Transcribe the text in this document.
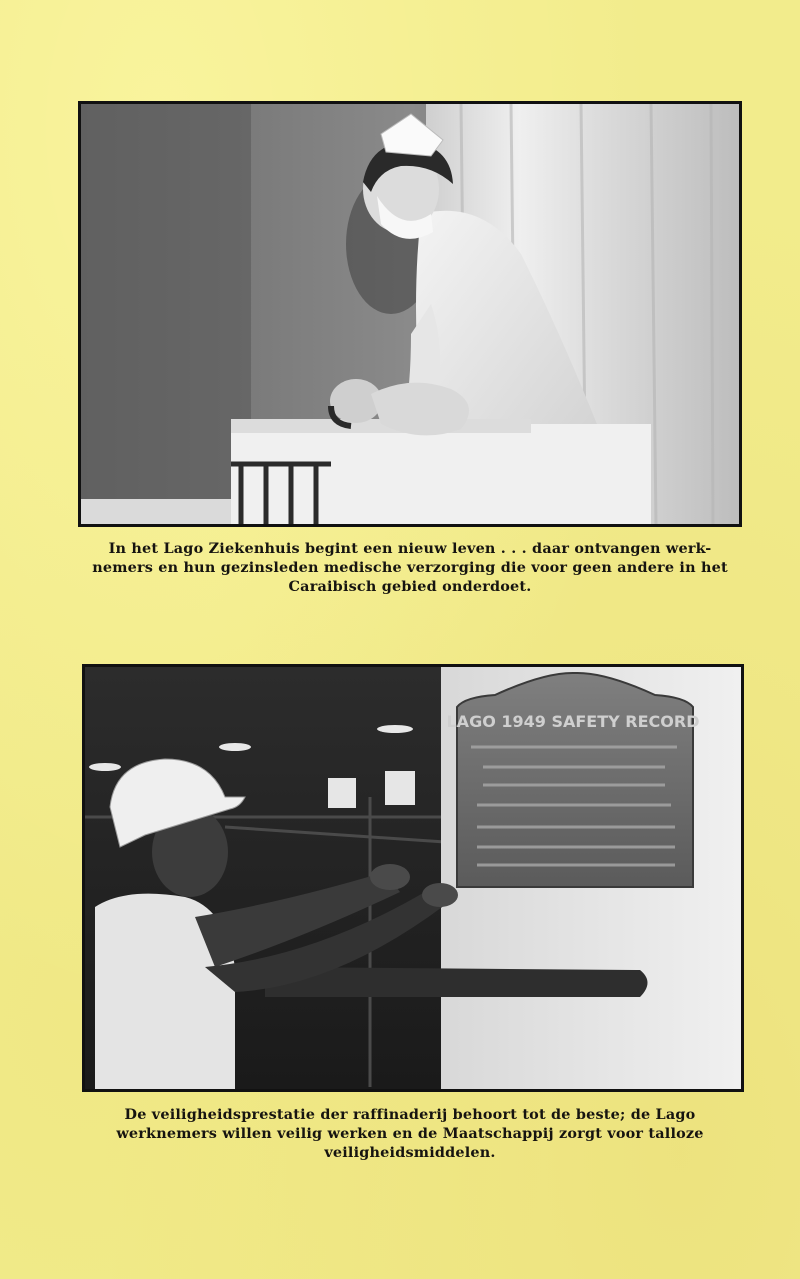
In het Lago Ziekenhuis begint een nieuw leven . . . daar ontvangen werk-
nemers en hun gezinsleden medische verzorging die voor geen andere in het
Caraibisch gebied onderdoet.

LAGO 1949 SAFETY RECORD

De veiligheidsprestatie der raffinaderij behoort tot de beste; de Lago
werknemers willen veilig werken en de Maatschappij zorgt voor talloze
veiligheidsmiddelen.
